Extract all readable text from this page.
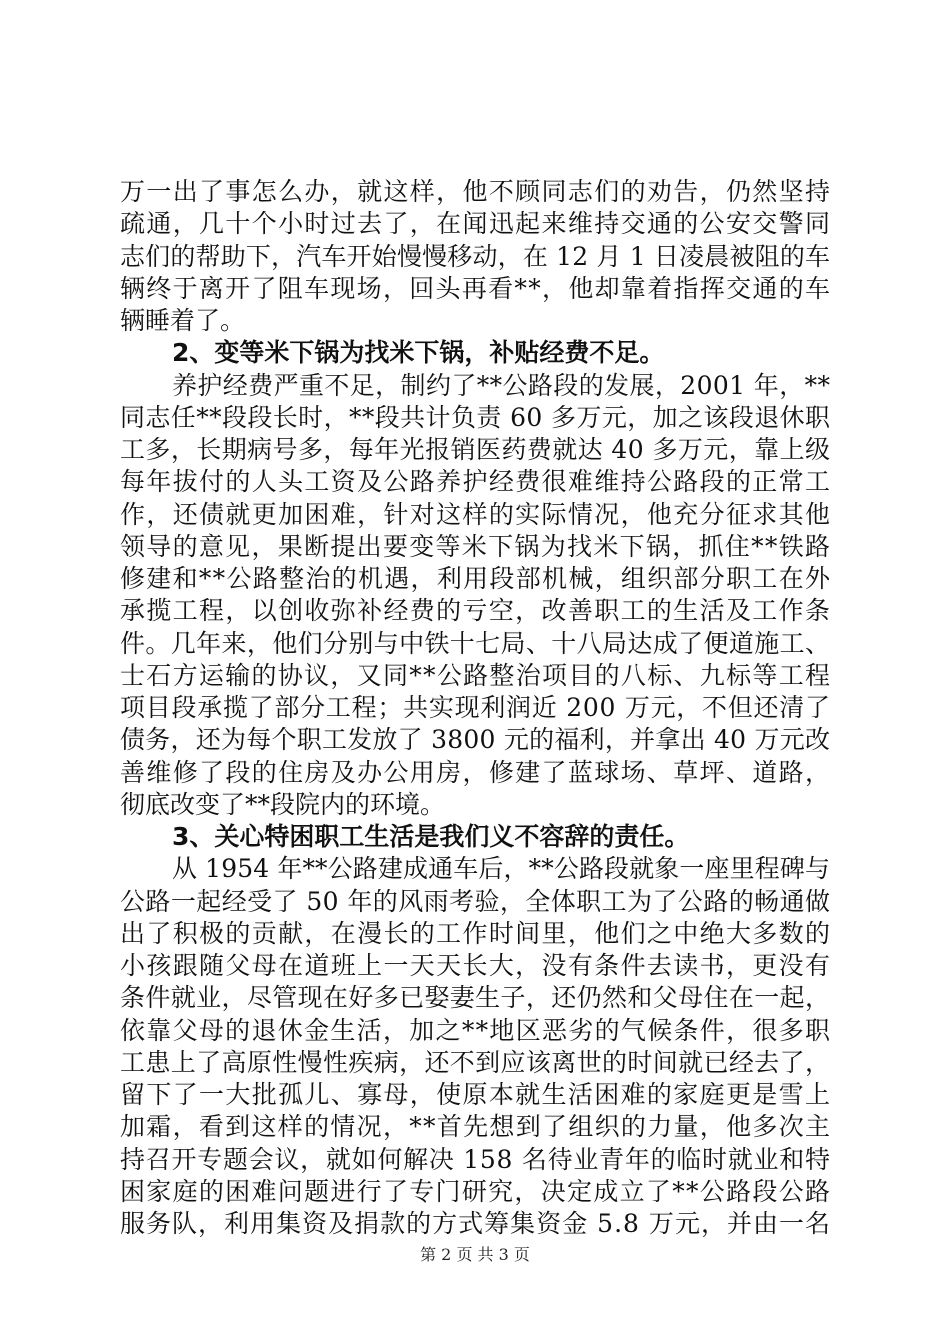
万一出了事怎么办，就这样，他不顾同志们的劝告，仍然坚持
疏通，几十个小时过去了，在闻迅起来维持交通的公安交警同
志们的帮助下，汽车开始慢慢移动，在 12 月 1 日凌晨被阻的车
辆终于离开了阻车现场，回头再看**，他却靠着指挥交通的车
辆睡着了。
2、变等米下锅为找米下锅，补贴经费不足。
养护经费严重不足，制约了**公路段的发展，2001 年，**
同志任**段段长时，**段共计负责 60 多万元，加之该段退休职
工多，长期病号多，每年光报销医药费就达 40 多万元，靠上级
每年拔付的人头工资及公路养护经费很难维持公路段的正常工
作，还债就更加困难，针对这样的实际情况，他充分征求其他
领导的意见，果断提出要变等米下锅为找米下锅，抓住**铁路
修建和**公路整治的机遇，利用段部机械，组织部分职工在外
承揽工程，以创收弥补经费的亏空，改善职工的生活及工作条
件。几年来，他们分别与中铁十七局、十八局达成了便道施工、
士石方运输的协议，又同**公路整治项目的八标、九标等工程
项目段承揽了部分工程；共实现利润近 200 万元，不但还清了
债务，还为每个职工发放了 3800 元的福利，并拿出 40 万元改
善维修了段的住房及办公用房，修建了蓝球场、草坪、道路，
彻底改变了**段院内的环境。
3、关心特困职工生活是我们义不容辞的责任。
从 1954 年**公路建成通车后，**公路段就象一座里程碑与
公路一起经受了 50 年的风雨考验，全体职工为了公路的畅通做
出了积极的贡献，在漫长的工作时间里，他们之中绝大多数的
小孩跟随父母在道班上一天天长大，没有条件去读书，更没有
条件就业，尽管现在好多已娶妻生子，还仍然和父母住在一起，
依靠父母的退休金生活，加之**地区恶劣的气候条件，很多职
工患上了高原性慢性疾病，还不到应该离世的时间就已经去了，
留下了一大批孤儿、寡母，使原本就生活困难的家庭更是雪上
加霜，看到这样的情况，**首先想到了组织的力量，他多次主
持召开专题会议，就如何解决 158 名待业青年的临时就业和特
困家庭的困难问题进行了专门研究，决定成立了**公路段公路
服务队，利用集资及捐款的方式筹集资金 5.8 万元，并由一名
第 2 页 共 3 页
